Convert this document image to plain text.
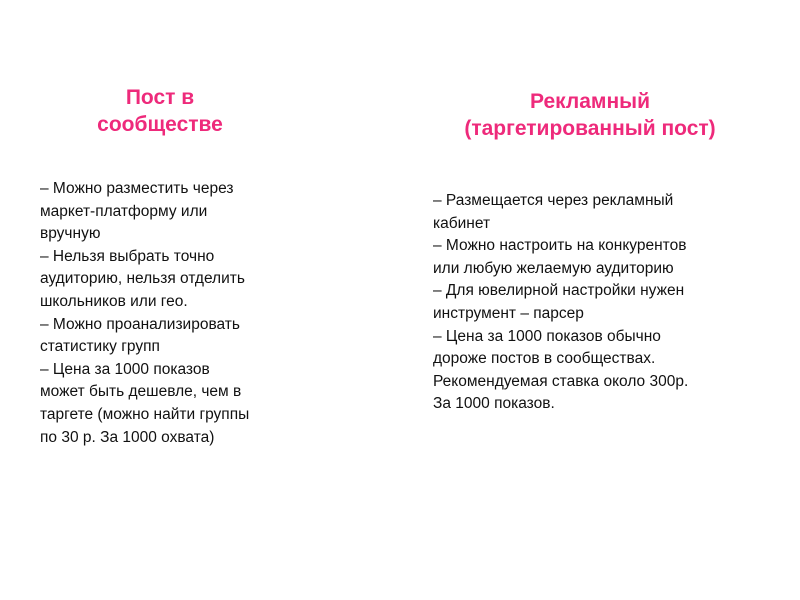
Пост в
сообществе
Рекламный
(таргетированный пост)
– Можно разместить через
маркет-платформу или
вручную
– Нельзя выбрать точно
аудиторию, нельзя отделить
школьников или гео.
– Можно проанализировать
статистику групп
– Цена за 1000 показов
может быть дешевле, чем в
таргете (можно найти группы
по 30 р. За 1000 охвата)
– Размещается через рекламный
кабинет
– Можно настроить на конкурентов
или любую желаемую аудиторию
– Для ювелирной настройки нужен
инструмент – парсер
– Цена за 1000 показов обычно
дороже постов в сообществах.
Рекомендуемая ставка около 300р.
За 1000 показов.
